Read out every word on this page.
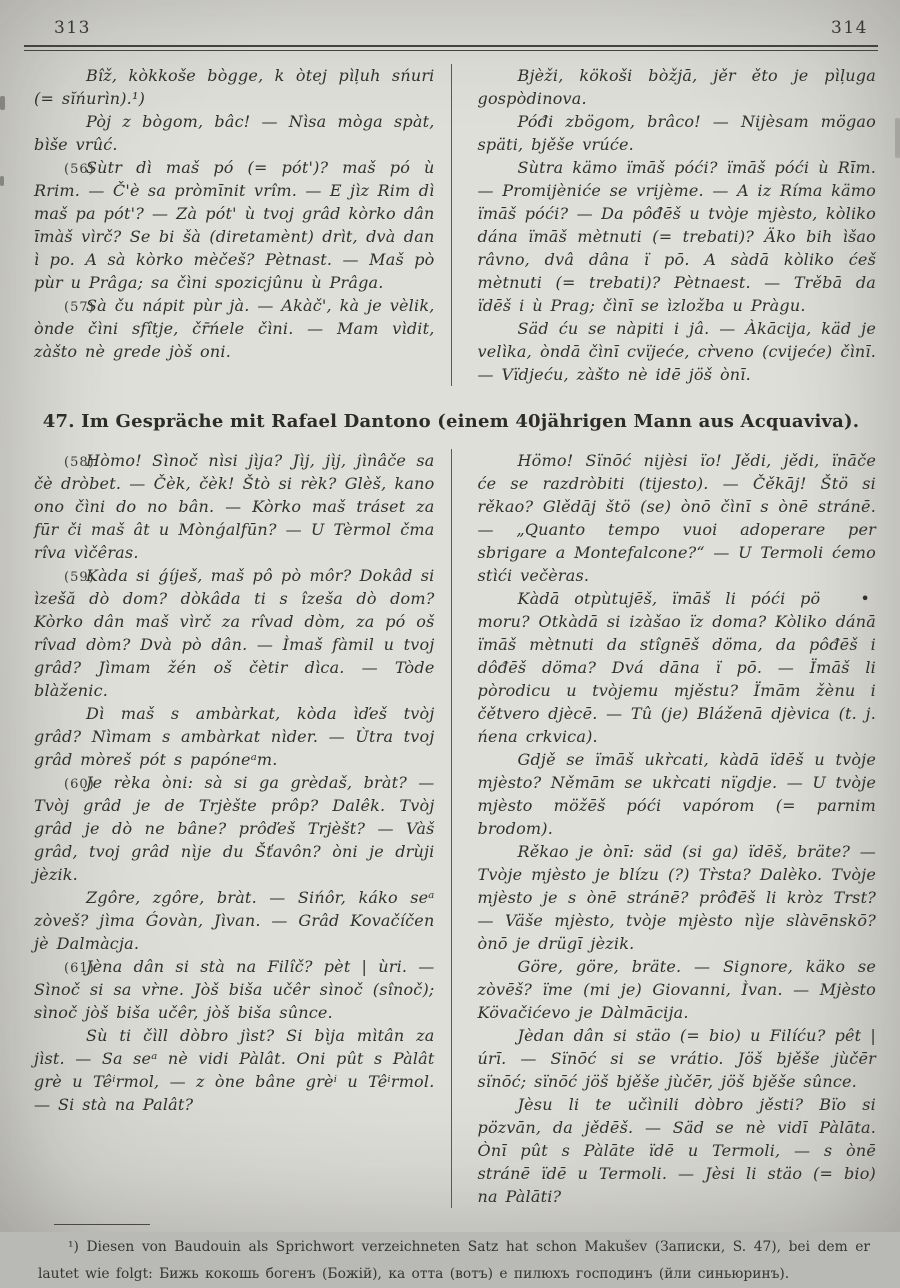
313	314
Bîž, kòkkoše bògge, k òtej pìļuh sńuri (= sĭńurìn).¹)
Pòj z bògom, bâc! — Nìsa mòga spàt, bìše vrûć.
(56)
Sùtr dì maš pó (= pót')? maš pó ù Rrim. — Č'è sa pròmīnit vrîm. — E jìz Rim dì maš pa pót'? — Zà pót' ù tvoj grâd kòrko dân īmàš vìrč? Se bi šà (diretamènt) drìt, dvà dan ì po. A sà kòrko mèčeš? Pètnast. — Maš pò pùr u Prâga; sa čìni spozicjûnu ù Prâga.
(57)
Sà ču nápit pùr jà. — Akàč', kà je vèlik, ònde čìni sfîtje, čr̄ńele čìni. — Mam vìdit, zàšto nè grede jòš oni.
Bjèži, kökoši bòžjā, jěr ěto je pìļuga gospòdinova.
Póđi zbögom, brâco! — Nijèsam mögao späti, bjěše vrúće.
Sùtra kämo ïmāš póći? ïmāš póći ù Rīm. — Promijèniće se vrijème. — A iz Ríma kämo ïmāš póći? — Da pôđēš u tvòje mjèsto, kòliko dána ïmāš mètnuti (= trebati)? Äko bih ìšao râvno, dvâ dâna ï pō. A sàdā kòliko ćeš mètnuti (= trebati)? Pètnaest. — Trěbā da ïdēš i ù Prag; čìnī se ìzložba u Pràgu.
Säd ću se nàpiti i jâ. — Àkācija, käd je velìka, òndā čìnī cvïjeće, cr̀veno (cvijeće) čìnī. — Vïdjeću, zàšto nè idē jöš ònī.
47. Im Gespräche mit Rafael Dantono (einem 40jährigen Mann aus Acquaviva).
(58)
Hòmo! Sìnoč nìsi jìja? Jìj, jìj, jìnâče sa čè dròbet. — Čèk, čèk! Štò si rèk? Glèš, kano ono čìni do no bân. — Kòrko maš tráset za fūr či maš ât u Mònǵalfūn? — U Tèrmol čma rîva vìčêras.
(59)
Kàda si ǵíješ, maš pô pò môr? Dokâd si ìzešă dò dom? dòkâda ti s îzeša dò dom? Kòrko dân maš vìrč za rîvad dòm, za pó oš rîvad dòm? Dvà pò dân. — Ìmaš fàmil u tvoj grâd? Jìmam žén oš čètir dìca. — Tòde blàženic.
Dì maš s ambàrkat, kòda ìďeš tvòj grâd? Nìmam s ambàrkat nìder. — Ùtra tvoj grâd mòreš pót s papóneᵃm.
(60)
Je rèka òni: sà si ga grèdaš, bràt? — Tvòj grâd je de Trjèšte prôp? Dalêk. Tvòj grâd je dò ne bâne? prôďeš Trjèšt? — Vàš grâd, tvoj grâd nìje du Šťavôn? òni je drùji jèzik.
Zgôre, zgôre, bràt. — Sińôr, káko seᵃ zòveš? jìma Ǵovàn, Jìvan. — Grâd Kovačíčen jè Dalmàcja.
(61)
Jèna dân si stà na Filîč? pèt | ùri. — Sìnoč si sa vr̀ne. Jòš biša učêr sìnoč (sînoč); sìnoč jòš biša učêr, jòš biša sûnce.
Sù ti čìll dòbro jìst? Si bìja mìtân za jìst. — Sa seᵃ nè vidi Pàlât. Oni pût s Pàlât grè u Têⁱrmol, — z òne bâne grèⁱ u Têⁱrmol. — Si stà na Palât?
Hömo! Sïnōć nijèsi ïo! Jědi, jědi, ïnāče će se razdròbiti (tijesto). — Čěkāj! Štö si rěkao? Glědāj štö (se) ònō čìnī s ònē stránē. — „Quanto tempo vuoi adoperare per sbrigare a Montefalcone?“ — U Termoli ćemo stìći večèras.
•
Kàdā otpùtujēš, ïmāš li póći pö moru? Otkàdā si izàšao ïz doma? Kòliko dánā ïmāš mètnuti da stîgnēš döma, da pôđēš i dôđēš döma? Dvá dāna ï pō. — Ïmāš li pòrodicu u tvòjemu mjěstu? Ïmām žènu i čětvero djècē. — Tû (je) Bláženā djèvica (t. j. ńena crkvica).
Gdjě se ïmāš ukr̀cati, kàdā ïdēš u tvòje mjèsto? Němām se ukr̀cati nïgdje. — U tvòje mjèsto möžēš póći vapórom (= parnim brodom).
Rěkao je ònī: säd (si ga) ïdēš, bräte? — Tvòje mjèsto je blízu (?) Tr̀sta? Dalèko. Tvòje mjèsto je s ònē stránē? prôđēš li kròz Trst? — Väše mjèsto, tvòje mjèsto nìje slàvēnskō? ònō je drügī jèzik.
Göre, göre, bräte. — Signore, käko se zòvēš? ïme (mi je) Giovanni, Ìvan. — Mjèsto Kövačićevo je Dàlmācija.
Jèdan dân si stäo (= bio) u Filíću? pêt | úrī. — Sïnōć si se vrátio. Jöš bjěše jùčēr sïnōć; sïnōć jöš bjěše jùčēr, jöš bjěše sûnce.
Jèsu li te učìnili dòbro jěsti? Bïo si pözvān, da jědēš. — Säd se nè vidī Pàlāta. Ònī pût s Pàlāte ïdē u Termoli, — s ònē stránē ïdē u Termoli. — Jèsi li stäo (= bio) na Pàlāti?
¹) Diesen von Baudouin als Sprichwort verzeichneten Satz hat schon Makušev (Записки, S. 47), bei dem er lautet wie folgt: Бижь кокошь богенъ (Божій), ка отта (вотъ) е пилюхъ господинъ (йли синьюринъ).
